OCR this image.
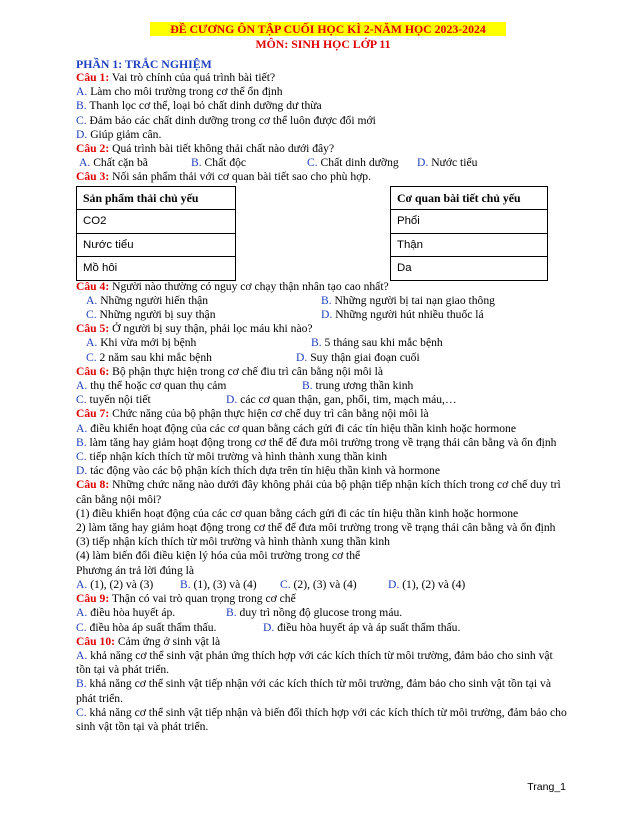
ĐỀ CƯƠNG ÔN TẬP CUỐI HỌC KÌ 2-NĂM HỌC 2023-2024
MÔN: SINH HỌC LỚP 11
PHẦN 1: TRẮC NGHIỆM
Câu 1: Vai trò chính của quá trình bài tiết?
A. Làm cho môi trường trong cơ thể ổn định
B. Thanh lọc cơ thể, loại bỏ chất dinh dưỡng dư thừa
C. Đảm bảo các chất dinh dưỡng trong cơ thể luôn được đổi mới
D. Giúp giảm cân.
Câu 2: Quá trình bài tiết không thải chất nào dưới đây?
A. Chất cặn bã	B. Chất độc	C. Chất dinh dưỡng	D. Nước tiểu
Câu 3: Nối sản phẩm thải với cơ quan bài tiết sao cho phù hợp.
Sản phẩm thải chủ yếu
CO2
Nước tiểu
Mồ hôi
Cơ quan bài tiết chủ yếu
Phổi
Thận
Da
Câu 4: Người nào thường có nguy cơ chạy thận nhân tạo cao nhất?
A. Những người hiến thận	B. Những người bị tai nạn giao thông
C. Những người bị suy thận	D. Những người hút nhiều thuốc lá
Câu 5: Ở người bị suy thận, phải lọc máu khi nào?
A. Khi vừa mới bị bệnh	B. 5 tháng sau khi mắc bệnh
C. 2 năm sau khi mắc bệnh	D. Suy thận giai đoạn cuối
Câu 6: Bộ phận thực hiện trong cơ chế điu trì cân bằng nội môi là
A. thụ thể hoặc cơ quan thụ cảm	B. trung ương thần kinh
C. tuyến nội tiết	D. các cơ quan thận, gan, phổi, tim, mạch máu,…
Câu 7: Chức năng của bộ phận thực hiện cơ chế duy trì cân bằng nội môi là
A. điều khiển hoạt động của các cơ quan bằng cách gửi đi các tín hiệu thần kinh hoặc hormone
B. làm tăng hay giảm hoạt động trong cơ thể để đưa môi trường trong về trạng thái cân bằng và ổn định
C. tiếp nhận kích thích từ môi trường và hình thành xung thần kinh
D. tác động vào các bộ phận kích thích dựa trên tín hiệu thần kinh và hormone
Câu 8: Những chức năng nào dưới đây không phải của bộ phận tiếp nhận kích thích trong cơ chế duy trì cân bằng nội môi?
(1) điều khiển hoạt động của các cơ quan bằng cách gửi đi các tín hiệu thần kinh hoặc hormone
2) làm tăng hay giảm hoạt động trong cơ thể để đưa môi trường trong về trạng thái cân bằng và ổn định
(3) tiếp nhận kích thích từ môi trường và hình thành xung thần kinh
(4) làm biến đổi điều kiện lý hóa của môi trường trong cơ thể
Phương án trả lời đúng là
A. (1), (2) và (3)	B. (1), (3) và (4)	C. (2), (3) và (4)	D. (1), (2) và (4)
Câu 9: Thận có vai trò quan trọng trong cơ chế
A. điều hòa huyết áp.	B. duy trì nồng độ glucose trong máu.
C. điều hòa áp suất thẩm thấu.	D. điều hòa huyết áp và áp suất thẩm thấu.
Câu 10: Cảm ứng ở sinh vật là
A. khả năng cơ thể sinh vật phản ứng thích hợp với các kích thích từ môi trường, đảm bảo cho sinh vật tồn tại và phát triển.
B. khả năng cơ thể sinh vật tiếp nhận với các kích thích từ môi trường, đảm bảo cho sinh vật tồn tại và phát triển.
C. khả năng cơ thể sinh vật tiếp nhận và biến đổi thích hợp với các kích thích từ môi trường, đảm bảo cho sinh vật tồn tại và phát triển.
Trang_1
